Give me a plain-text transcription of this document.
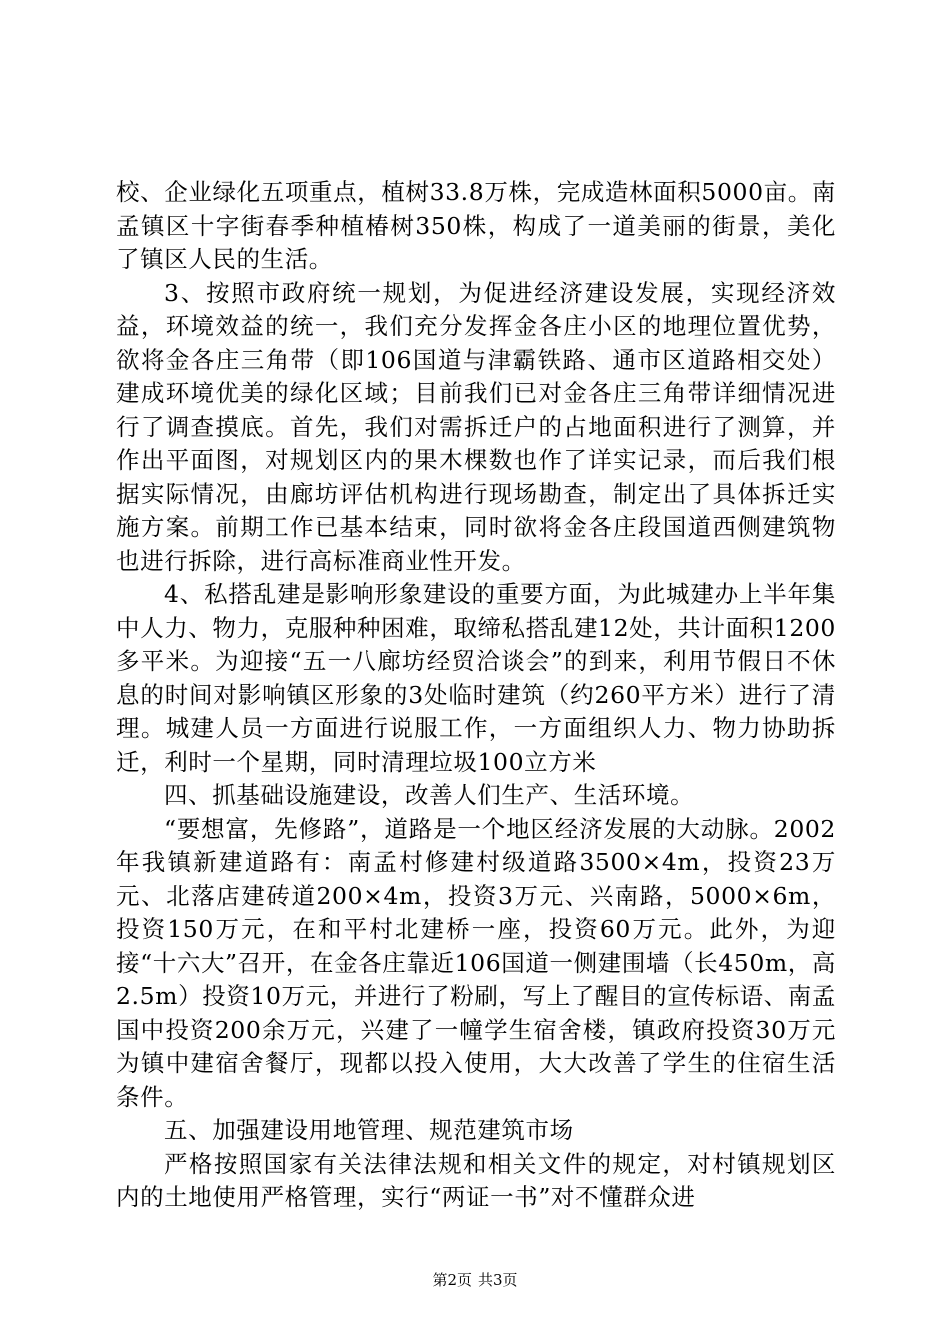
校、企业绿化五项重点，植树33.8万株，完成造林面积5000亩。南孟镇区十字街春季种植椿树350株，构成了一道美丽的街景，美化了镇区人民的生活。

3、按照市政府统一规划，为促进经济建设发展，实现经济效益，环境效益的统一，我们充分发挥金各庄小区的地理位置优势，欲将金各庄三角带（即106国道与津霸铁路、通市区道路相交处）建成环境优美的绿化区域；目前我们已对金各庄三角带详细情况进行了调查摸底。首先，我们对需拆迁户的占地面积进行了测算，并作出平面图，对规划区内的果木棵数也作了详实记录，而后我们根据实际情况，由廊坊评估机构进行现场勘查，制定出了具体拆迁实施方案。前期工作已基本结束，同时欲将金各庄段国道西侧建筑物也进行拆除，进行高标准商业性开发。

4、私搭乱建是影响形象建设的重要方面，为此城建办上半年集中人力、物力，克服种种困难，取缔私搭乱建12处，共计面积1200多平米。为迎接“五一八廊坊经贸洽谈会”的到来，利用节假日不休息的时间对影响镇区形象的3处临时建筑（约260平方米）进行了清理。城建人员一方面进行说服工作，一方面组织人力、物力协助拆迁，利时一个星期，同时清理垃圾100立方米

四、抓基础设施建设，改善人们生产、生活环境。

“要想富，先修路”，道路是一个地区经济发展的大动脉。2002年我镇新建道路有：南孟村修建村级道路3500×4m，投资23万元、北落店建砖道200×4m，投资3万元、兴南路，5000×6m，投资150万元，在和平村北建桥一座，投资60万元。此外，为迎接“十六大”召开，在金各庄靠近106国道一侧建围墙（长450m，高2.5m）投资10万元，并进行了粉刷，写上了醒目的宣传标语、南孟国中投资200余万元，兴建了一幢学生宿舍楼，镇政府投资30万元为镇中建宿舍餐厅，现都以投入使用，大大改善了学生的住宿生活条件。

五、加强建设用地管理、规范建筑市场

严格按照国家有关法律法规和相关文件的规定，对村镇规划区内的土地使用严格管理，实行“两证一书”对不懂群众进

第2页 共3页
